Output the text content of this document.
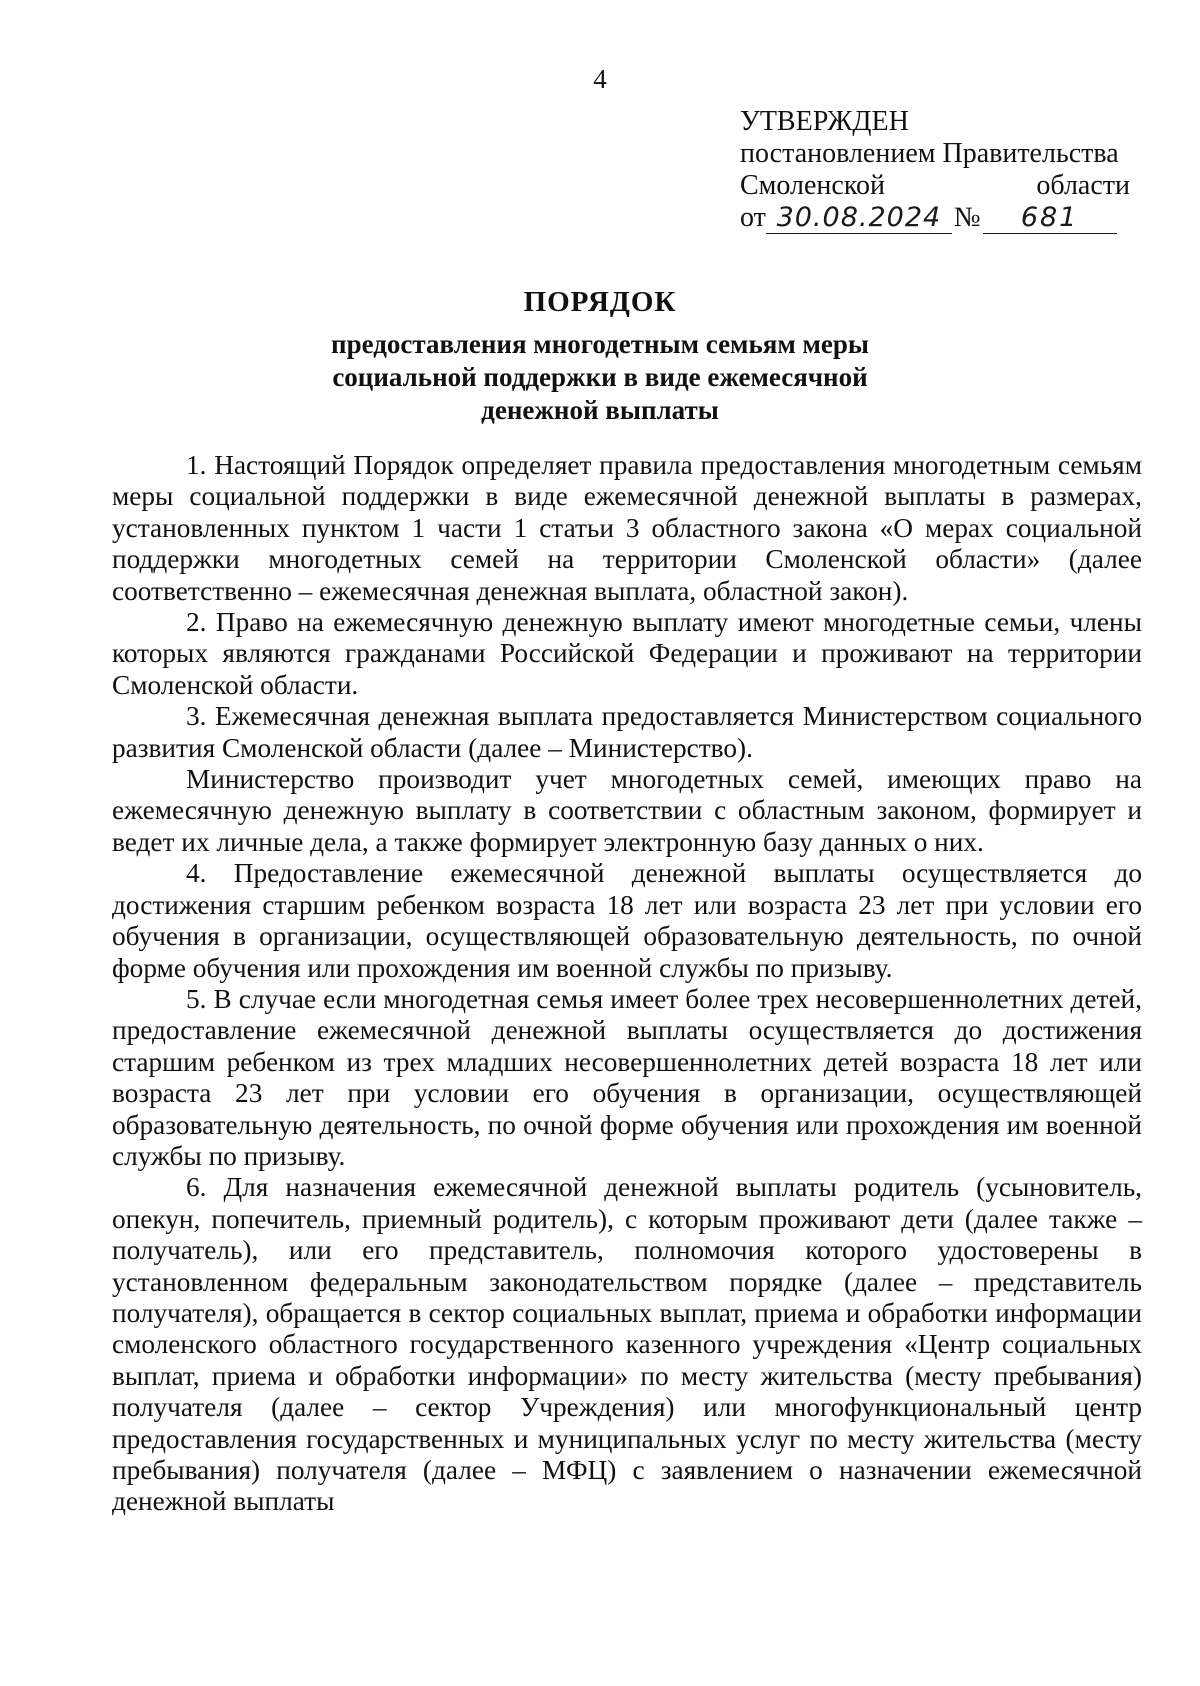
4
УТВЕРЖДЕН
постановлением Правительства
Смоленской	области
от 30.08.2024 №	681
ПОРЯДОК
предоставления многодетным семьям меры
социальной поддержки в виде ежемесячной
денежной выплаты

1. Настоящий Порядок определяет правила предоставления многодетным семьям меры социальной поддержки в виде ежемесячной денежной выплаты в размерах, установленных пунктом 1 части 1 статьи 3 областного закона «О мерах социальной поддержки многодетных семей на территории Смоленской области» (далее соответственно – ежемесячная денежная выплата, областной закон).

2. Право на ежемесячную денежную выплату имеют многодетные семьи, члены которых являются гражданами Российской Федерации и проживают на территории Смоленской области.

3. Ежемесячная денежная выплата предоставляется Министерством социального развития Смоленской области (далее – Министерство).

Министерство производит учет многодетных семей, имеющих право на ежемесячную денежную выплату в соответствии с областным законом, формирует и ведет их личные дела, а также формирует электронную базу данных о них.

4. Предоставление ежемесячной денежной выплаты осуществляется до достижения старшим ребенком возраста 18 лет или возраста 23 лет при условии его обучения в организации, осуществляющей образовательную деятельность, по очной форме обучения или прохождения им военной службы по призыву.

5. В случае если многодетная семья имеет более трех несовершеннолетних детей, предоставление ежемесячной денежной выплаты осуществляется до достижения старшим ребенком из трех младших несовершеннолетних детей возраста 18 лет или возраста 23 лет при условии его обучения в организации, осуществляющей образовательную деятельность, по очной форме обучения или прохождения им военной службы по призыву.

6. Для назначения ежемесячной денежной выплаты родитель (усыновитель, опекун, попечитель, приемный родитель), с которым проживают дети (далее также – получатель), или его представитель, полномочия которого удостоверены в установленном федеральным законодательством порядке (далее – представитель получателя), обращается в сектор социальных выплат, приема и обработки информации смоленского областного государственного казенного учреждения «Центр социальных выплат, приема и обработки информации» по месту жительства (месту пребывания) получателя (далее – сектор Учреждения) или многофункциональный центр предоставления государственных и муниципальных услуг по месту жительства (месту пребывания) получателя (далее – МФЦ) с заявлением о назначении ежемесячной денежной выплаты
